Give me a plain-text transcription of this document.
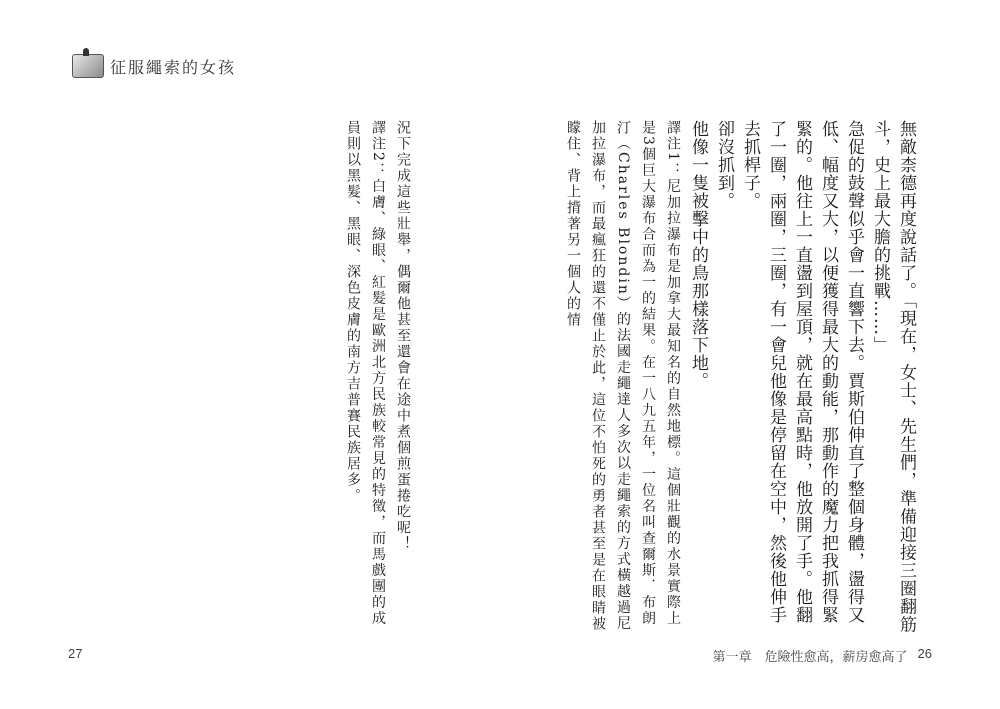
征服繩索的女孩

無敵柰德再度說話了。「現在，女士、先生們，準備迎接三圈翻筋斗，史上最大膽的挑戰……」

急促的鼓聲似乎會一直響下去。賈斯伯伸直了整個身體，盪得又低、幅度又大，以便獲得最大的動能，那動作的魔力把我抓得緊緊的。他往上一直盪到屋頂，就在最高點時，他放開了手。他翻了一圈，兩圈，三圈，有一會兒他像是停留在空中，然後他伸手去抓桿子。

卻沒抓到。

他像一隻被擊中的鳥那樣落下地。

譯注1：尼加拉瀑布是加拿大最知名的自然地標。這個壯觀的水景實際上是3個巨大瀑布合而為一的結果。在一八九五年，一位名叫查爾斯．布朗汀（Charles Blondin）的法國走繩達人多次以走繩索的方式橫越過尼加拉瀑布，而最瘋狂的還不僅止於此，這位不怕死的勇者甚至是在眼睛被矇住、背上揹著另一個人的情

況下完成這些壯舉，偶爾他甚至還會在途中煮個煎蛋捲吃呢！

譯注2：白膚、綠眼、紅髮是歐洲北方民族較常見的特徵，而馬戲團的成員則以黑髮、黑眼、深色皮膚的南方吉普賽民族居多。

27	第一章　危險性愈高，薪房愈高了 26
